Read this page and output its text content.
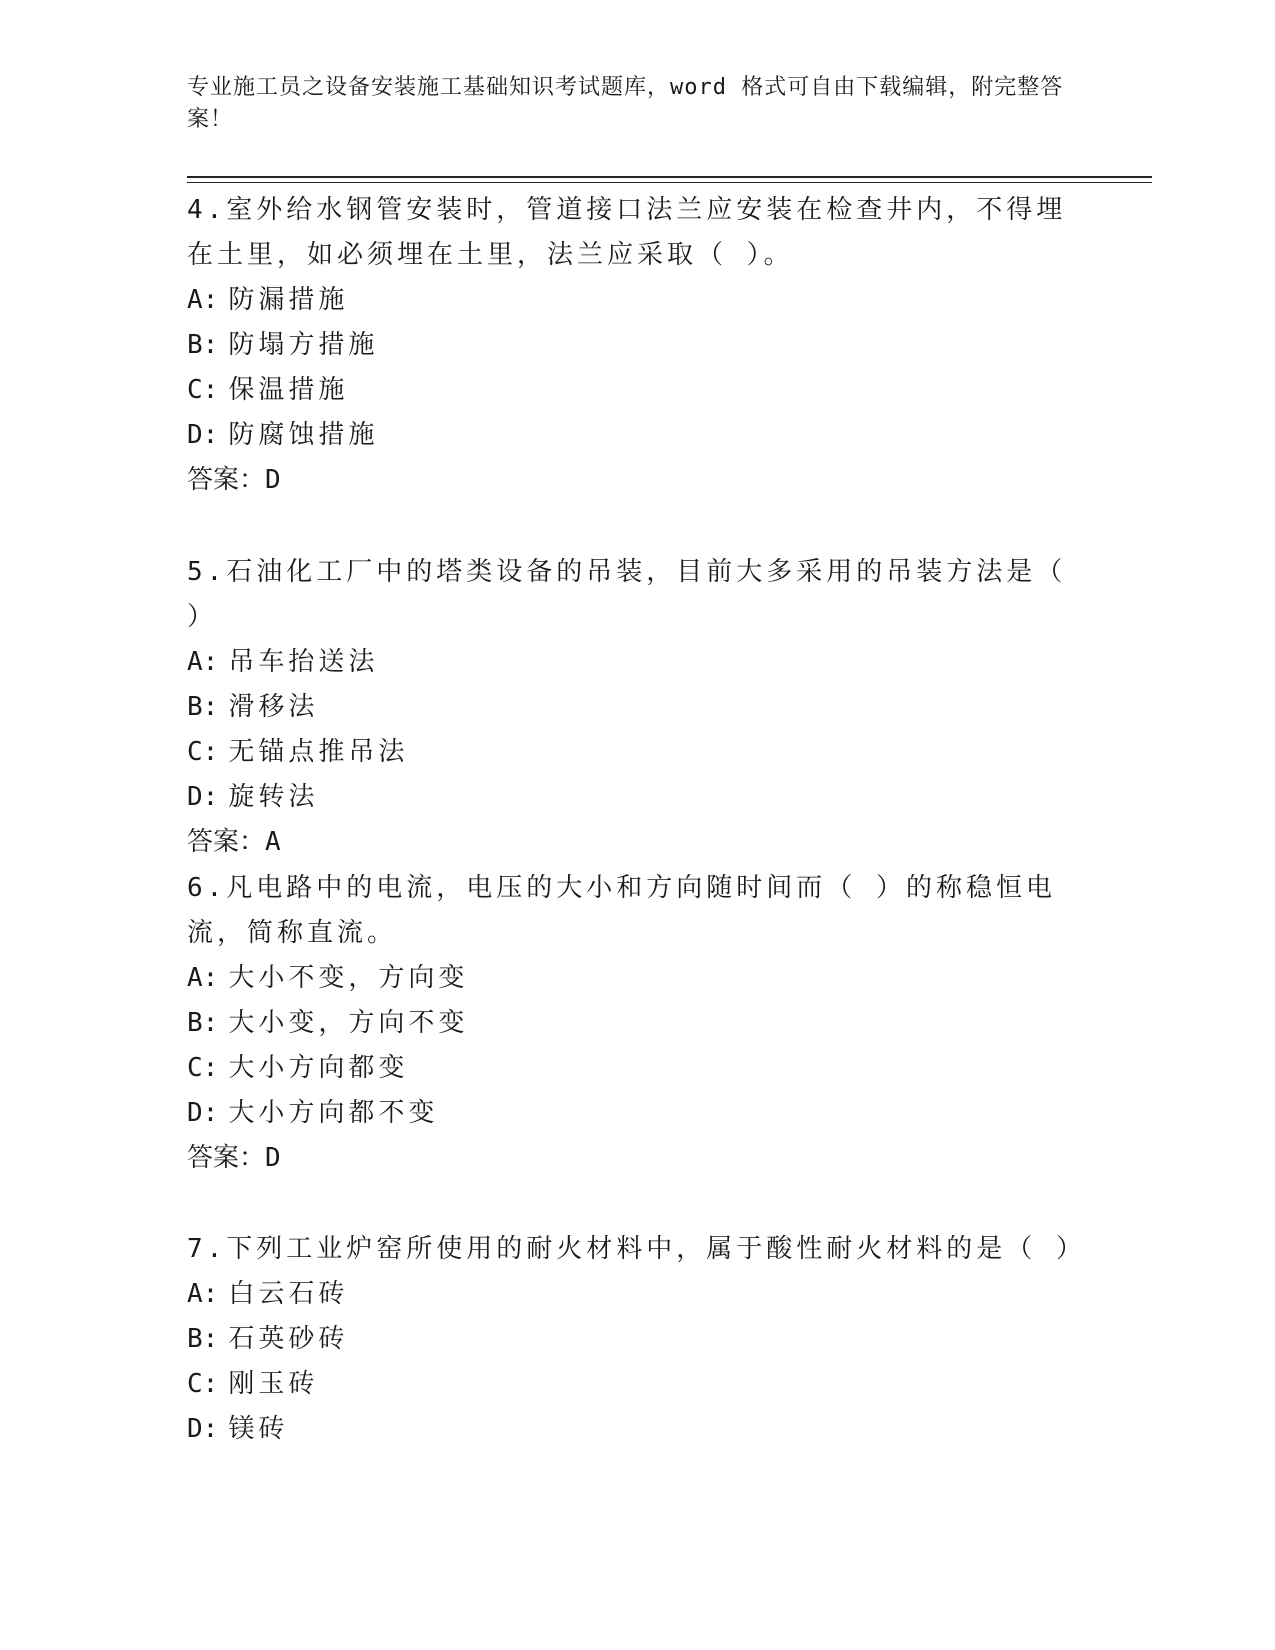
专业施工员之设备安装施工基础知识考试题库，word 格式可自由下载编辑，附完整答案！

4.室外给水钢管安装时，管道接口法兰应安装在检查井内，不得埋在土里，如必须埋在土里，法兰应采取（ ）。

A: 防漏措施

B: 防塌方措施

C: 保温措施

D: 防腐蚀措施

答案：D

5.石油化工厂中的塔类设备的吊装，目前大多采用的吊装方法是（ ）

A: 吊车抬送法

B: 滑移法

C: 无锚点推吊法

D: 旋转法

答案：A

6.凡电路中的电流，电压的大小和方向随时间而（ ）的称稳恒电流，简称直流。

A: 大小不变，方向变

B: 大小变，方向不变

C: 大小方向都变

D: 大小方向都不变

答案：D

7.下列工业炉窑所使用的耐火材料中，属于酸性耐火材料的是（ ）

A: 白云石砖

B: 石英砂砖

C: 刚玉砖

D: 镁砖
